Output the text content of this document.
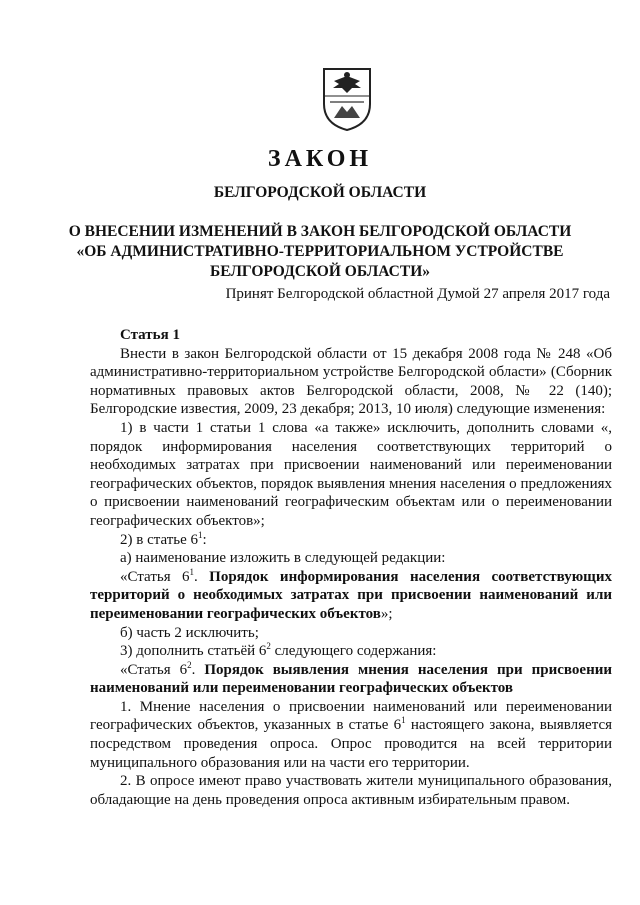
ЗАКОН
БЕЛГОРОДСКОЙ ОБЛАСТИ
О ВНЕСЕНИИ ИЗМЕНЕНИЙ В ЗАКОН БЕЛГОРОДСКОЙ ОБЛАСТИ
«ОБ АДМИНИСТРАТИВНО-ТЕРРИТОРИАЛЬНОМ УСТРОЙСТВЕ
БЕЛГОРОДСКОЙ ОБЛАСТИ»
Принят Белгородской областной Думой 27 апреля 2017 года

Статья 1

Внести в закон Белгородской области от 15 декабря 2008 года № 248 «Об административно-территориальном устройстве Белгородской области» (Сборник нормативных правовых актов Белгородской области, 2008, № 22 (140); Белгородские известия, 2009, 23 декабря; 2013, 10 июля) следующие изменения:

1) в части 1 статьи 1 слова «а также» исключить, дополнить словами «, порядок информирования населения соответствующих территорий о необходимых затратах при присвоении наименований или переименовании географических объектов, порядок выявления мнения населения о предложениях о присвоении наименований географическим объектам или о переименовании географических объектов»;

2) в статье $6^1$:

а) наименование изложить в следующей редакции:

«Статья $6^1$. Порядок информирования населения соответствующих территорий о необходимых затратах при присвоении наименований или переименовании географических объектов»;

б) часть 2 исключить;

3) дополнить статьёй $6^2$ следующего содержания:

«Статья $6^2$. Порядок выявления мнения населения при присвоении наименований или переименовании географических объектов

1. Мнение населения о присвоении наименований или переименовании географических объектов, указанных в статье $6^1$ настоящего закона, выявляется посредством проведения опроса. Опрос проводится на всей территории муниципального образования или на части его территории.

2. В опросе имеют право участвовать жители муниципального образования, обладающие на день проведения опроса активным избирательным правом.
